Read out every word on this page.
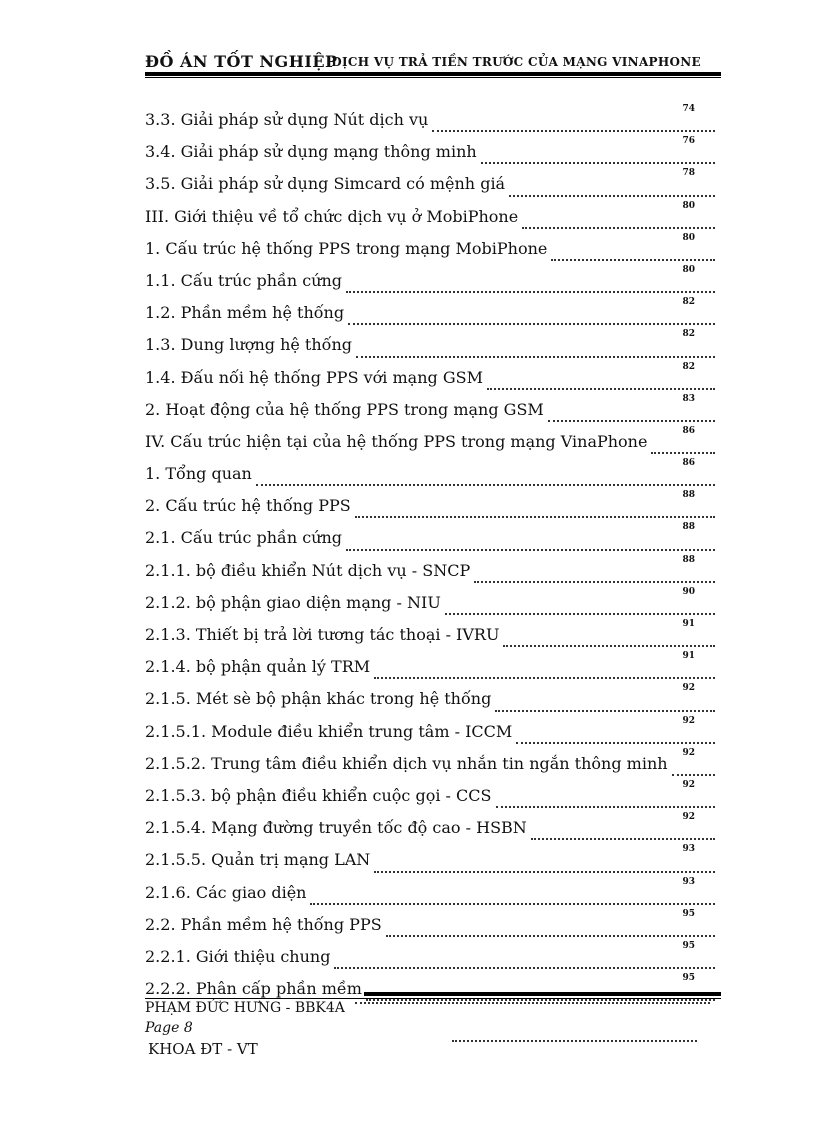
ĐỒ ÁN TỐT NGHIỆP
DỊCH VỤ TRẢ TIỀN TRƯỚC CỦA MẠNG VINAPHONE
3.3. Giải pháp sử dụng Nút dịch vụ
74
3.4. Giải pháp sử dụng mạng thông minh
76
3.5. Giải pháp sử dụng Simcard có mệnh giá
78
III. Giới thiệu về tổ chức dịch vụ ở MobiPhone
80
1. Cấu trúc hệ thống PPS trong mạng MobiPhone
80
1.1. Cấu trúc phần cứng
80
1.2. Phần mềm hệ thống
82
1.3. Dung lượng hệ thống
82
1.4. Đấu nối hệ thống PPS với mạng GSM
82
2. Hoạt động của hệ thống PPS trong mạng GSM
83
IV. Cấu trúc hiện tại của hệ thống PPS trong mạng VinaPhone
86
1. Tổng quan
86
2. Cấu trúc hệ thống PPS
88
2.1. Cấu trúc phần cứng
88
2.1.1. bộ điều khiển Nút dịch vụ - SNCP
88
2.1.2. bộ phận giao diện mạng - NIU
90
2.1.3. Thiết bị trả lời tương tác thoại - IVRU
91
2.1.4. bộ phận quản lý TRM
91
2.1.5. Mét sè bộ phận khác trong hệ thống
92
2.1.5.1. Module điều khiển trung tâm - ICCM
92
2.1.5.2. Trung tâm điều khiển dịch vụ nhắn tin ngắn thông minh
92
2.1.5.3. bộ phận điều khiển cuộc gọi - CCS
92
2.1.5.4. Mạng đường truyền tốc độ cao - HSBN
92
2.1.5.5. Quản trị mạng LAN
93
2.1.6. Các giao diện
93
2.2. Phần mềm hệ thống PPS
95
2.2.1. Giới thiệu chung
95
2.2.2. Phân cấp phần mềm
95
PHẠM ĐỨC HƯNG - BBK4A
Page 8
KHOA ĐT - VT
